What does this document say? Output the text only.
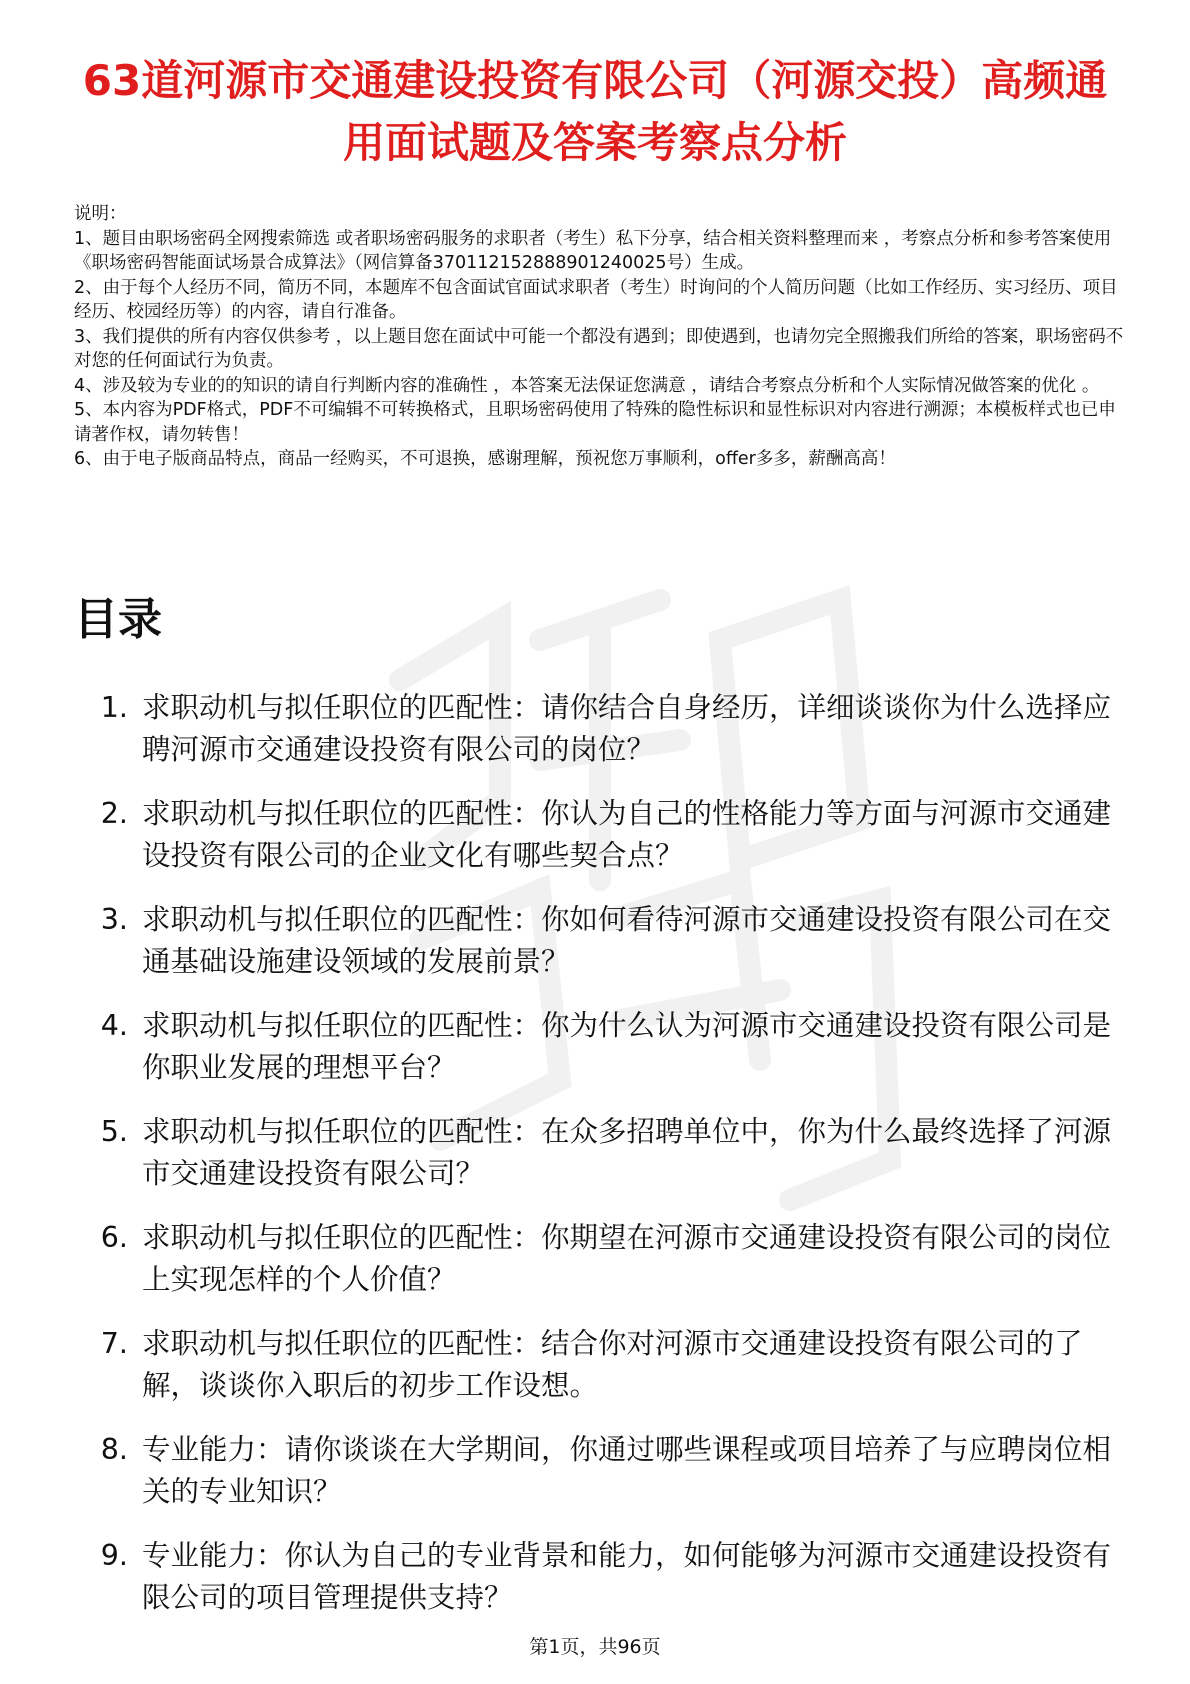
63道河源市交通建设投资有限公司（河源交投）高频通用面试题及答案考察点分析

说明：

1、题目由职场密码全网搜索筛选 或者职场密码服务的求职者（考生）私下分享，结合相关资料整理而来 ，考察点分析和参考答案使用《职场密码智能面试场景合成算法》（网信算备370112152888901240025号）生成。

2、由于每个人经历不同，简历不同，本题库不包含面试官面试求职者（考生）时询问的个人简历问题（比如工作经历、实习经历、项目经历、校园经历等）的内容，请自行准备。

3、我们提供的所有内容仅供参考 ，以上题目您在面试中可能一个都没有遇到；即使遇到，也请勿完全照搬我们所给的答案，职场密码不对您的任何面试行为负责。

4、涉及较为专业的的知识的请自行判断内容的准确性 ，本答案无法保证您满意 ，请结合考察点分析和个人实际情况做答案的优化 。

5、本内容为PDF格式，PDF不可编辑不可转换格式，且职场密码使用了特殊的隐性标识和显性标识对内容进行溯源；本模板样式也已申请著作权，请勿转售！

6、由于电子版商品特点，商品一经购买，不可退换，感谢理解，预祝您万事顺利，offer多多，薪酬高高！

目录
1. 求职动机与拟任职位的匹配性：请你结合自身经历，详细谈谈你为什么选择应聘河源市交通建设投资有限公司的岗位？
2. 求职动机与拟任职位的匹配性：你认为自己的性格能力等方面与河源市交通建设投资有限公司的企业文化有哪些契合点？
3. 求职动机与拟任职位的匹配性：你如何看待河源市交通建设投资有限公司在交通基础设施建设领域的发展前景？
4. 求职动机与拟任职位的匹配性：你为什么认为河源市交通建设投资有限公司是你职业发展的理想平台？
5. 求职动机与拟任职位的匹配性：在众多招聘单位中，你为什么最终选择了河源市交通建设投资有限公司？
6. 求职动机与拟任职位的匹配性：你期望在河源市交通建设投资有限公司的岗位上实现怎样的个人价值？
7. 求职动机与拟任职位的匹配性：结合你对河源市交通建设投资有限公司的了解，谈谈你入职后的初步工作设想。
8. 专业能力：请你谈谈在大学期间，你通过哪些课程或项目培养了与应聘岗位相关的专业知识？
9. 专业能力：你认为自己的专业背景和能力，如何能够为河源市交通建设投资有限公司的项目管理提供支持？
第1页，共96页
